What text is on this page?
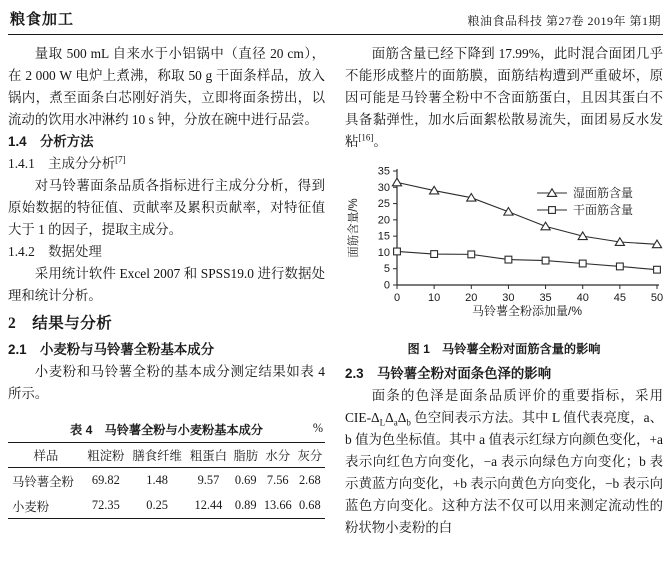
粮食加工	粮油食品科技 第27卷 2019年 第1期

量取 500 mL 自来水于小铝锅中（直径 20 cm），在 2 000 W 电炉上煮沸，称取 50 g 干面条样品，放入锅内，煮至面条白芯刚好消失，立即将面条捞出，以流动的饮用水冲淋约 10 s 钟，分放在碗中进行品尝。

1.4　分析方法
1.4.1　主成分分析[7]

对马铃薯面条品质各指标进行主成分分析，得到原始数据的特征值、贡献率及累积贡献率，对特征值大于 1 的因子，提取主成分。

1.4.2　数据处理

采用统计软件 Excel 2007 和 SPSS19.0 进行数据处理和统计分析。

2　结果与分析
2.1　小麦粉与马铃薯全粉基本成分

小麦粉和马铃薯全粉的基本成分测定结果如表 4 所示。

表 4　马铃薯全粉与小麦粉基本成分	%
样品	粗淀粉	膳食纤维	粗蛋白	脂肪	水分	灰分
马铃薯全粉	69.82	1.48	9.57	0.69	7.56	2.68
小麦粉	72.35	0.25	12.44	0.89	13.66	0.68

面筋含量已经下降到 17.99%，此时混合面团几乎不能形成整片的面筋膜，面筋结构遭到严重破坏，原因可能是马铃薯全粉中不含面筋蛋白，且因其蛋白不具备黏弹性，加水后面絮松散易流失，面团易反水发粘[16]。

0
5
10
15
20
25
30
35
0	10 20 30 35 40 45 50
面筋含量/%
马铃薯全粉添加量/%
湿面筋含量
干面筋含量
图 1　马铃薯全粉对面筋含量的影响
2.3　马铃薯全粉对面条色泽的影响

面条的色泽是面条品质评价的重要指标，采用 CIE-$\Delta_L\Delta_a\Delta_b$ 色空间表示方法。其中 L 值代表亮度，a、b 值为色坐标值。其中 a 值表示红绿方向颜色变化，+a 表示向红色方向变化，−a 表示向绿色方向变化；b 表示黄蓝方向变化，+b 表示向黄色方向变化，−b 表示向蓝色方向变化。这种方法不仅可以用来测定流动性的粉状物小麦粉的白
